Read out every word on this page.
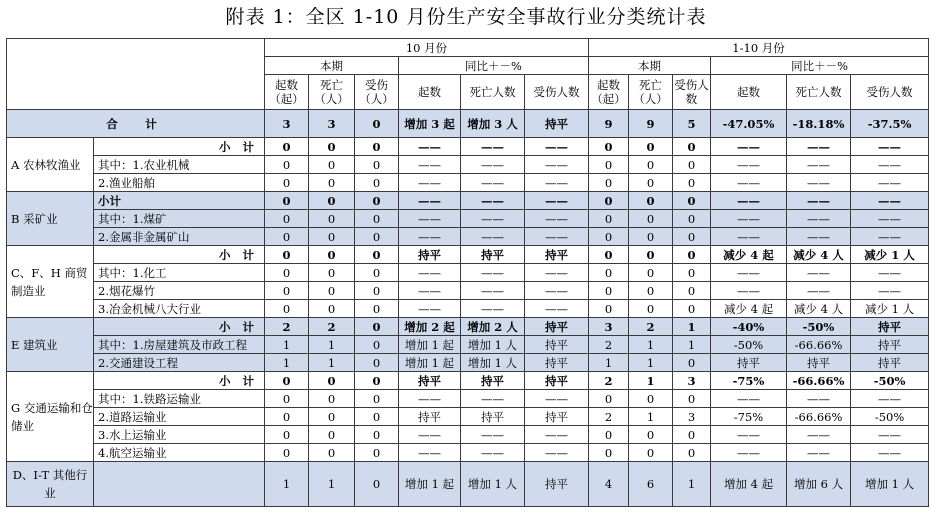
附表 1：全区 1-10 月份生产安全事故行业分类统计表
		10 月份						1-10 月份					
		本期			同比＋－%			本期			同比＋－%		
		起数（起）	死亡（人）	受伤（人）	起数	死亡人数	受伤人数	起数（起）	死亡（人）	受伤人数	起数	死亡人数	受伤人数
合　计		3	3	0	增加 3 起	增加 3 人	持平	9	9	5	-47.05%	-18.18%	-37.5%
A 农林牧渔业	小 计	0	0	0	——	——	——	0	0	0	——	——	——
	其中：1.农业机械	0	0	0	——	——	——	0	0	0	——	——	——
	2.渔业船舶	0	0	0	——	——	——	0	0	0	——	——	——
B 采矿业	小计	0	0	0	——	——	——	0	0	0	——	——	——
	其中：1.煤矿	0	0	0	——	——	——	0	0	0	——	——	——
	2.金属非金属矿山	0	0	0	——	——	——	0	0	0	——	——	——
C、F、H 商贸制造业	小 计	0	0	0	持平	持平	持平	0	0	0	减少 4 起	减少 4 人	减少 1 人
	其中：1.化工	0	0	0	——	——	——	0	0	0	——	——	——
	2.烟花爆竹	0	0	0	——	——	——	0	0	0	——	——	——
	3.冶金机械八大行业	0	0	0	——	——	——	0	0	0	减少 4 起	减少 4 人	减少 1 人
E 建筑业	小 计	2	2	0	增加 2 起	增加 2 人	持平	3	2	1	-40%	-50%	持平
	其中：1.房屋建筑及市政工程	1	1	0	增加 1 起	增加 1 人	持平	2	1	1	-50%	-66.66%	持平
	2.交通建设工程	1	1	0	增加 1 起	增加 1 人	持平	1	1	0	持平	持平	持平
G 交通运输和仓储业	小 计	0	0	0	持平	持平	持平	2	1	3	-75%	-66.66%	-50%
	其中：1.铁路运输业	0	0	0	——	——	——	0	0	0	——	——	——
	2.道路运输业	0	0	0	持平	持平	持平	2	1	3	-75%	-66.66%	-50%
	3.水上运输业	0	0	0	——	——	——	0	0	0	——	——	——
	4.航空运输业	0	0	0	——	——	——	0	0	0	——	——	——
D、I-T 其他行业		1	1	0	增加 1 起	增加 1 人	持平	4	6	1	增加 4 起	增加 6 人	增加 1 人
